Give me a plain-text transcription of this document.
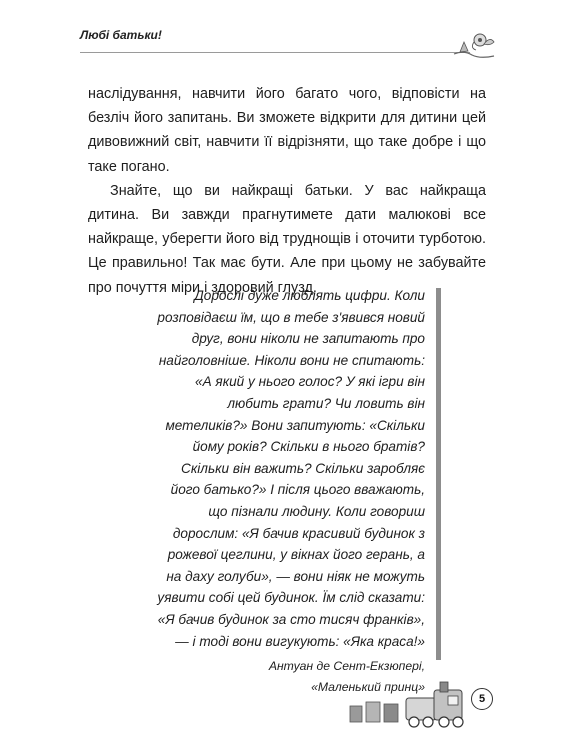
Любі батьки!

наслідування, навчити його багато чого, відповісти на безліч його запитань. Ви зможете відкрити для дитини цей дивовижний світ, навчити її відрізняти, що таке добре і що таке погано.

Знайте, що ви найкращі батьки. У вас найкраща дитина. Ви завжди прагнутимете дати малюкові все найкраще, уберегти його від труднощів і оточити турботою. Це правильно! Так має бути. Але при цьому не забувайте про почуття міри і здоровий глузд.

Дорослі дуже люблять цифри. Коли розповідаєш їм, що в тебе з'явився новий друг, вони ніколи не запитають про найголовніше. Ніколи вони не спитають: «А який у нього голос? У які ігри він любить грати? Чи ловить він метеликів?» Вони запитують: «Скільки йому років? Скільки в нього братів? Скільки він важить? Скільки заробляє його батько?» І після цього вважають, що пізнали людину. Коли говориш дорослим: «Я бачив красивий будинок з рожевої цеглини, у вікнах його герань, а на даху голуби», — вони ніяк не можуть уявити собі цей будинок. Їм слід сказати: «Я бачив будинок за сто тисяч франків», — і тоді вони вигукують: «Яка краса!»

Антуан де Сент-Екзюпері,
«Маленький принц»
5
